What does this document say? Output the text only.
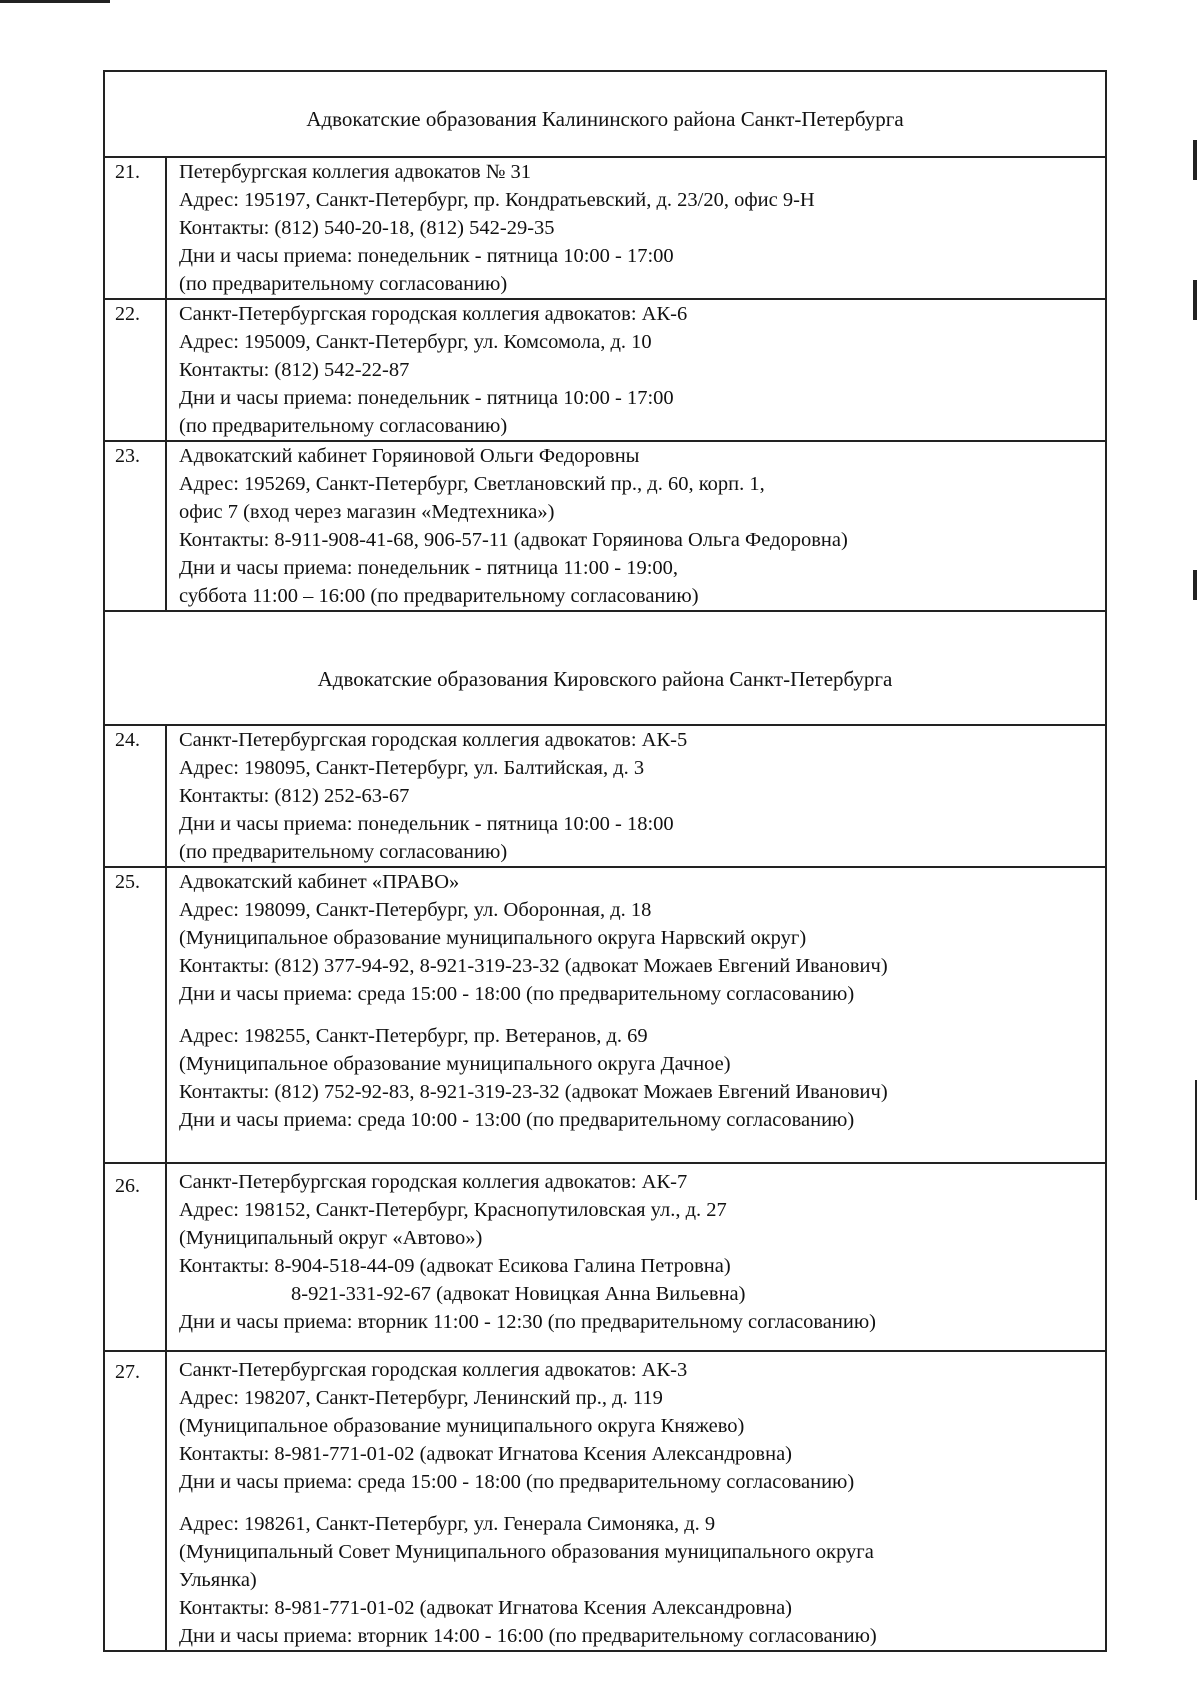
Адвокатские образования Калининского района Санкт-Петербурга
21.	Петербургская коллегия адвокатов № 31
Адрес: 195197, Санкт-Петербург, пр. Кондратьевский, д. 23/20, офис 9-Н
Контакты: (812) 540-20-18, (812) 542-29-35
Дни и часы приема: понедельник - пятница 10:00 - 17:00
(по предварительному согласованию)
22.	Санкт-Петербургская городская коллегия адвокатов: АК-6
Адрес: 195009, Санкт-Петербург, ул. Комсомола, д. 10
Контакты: (812) 542-22-87
Дни и часы приема: понедельник - пятница 10:00 - 17:00
(по предварительному согласованию)
23.	Адвокатский кабинет Горяиновой Ольги Федоровны
Адрес: 195269, Санкт-Петербург, Светлановский пр., д. 60, корп. 1,
офис 7 (вход через магазин «Медтехника»)
Контакты: 8-911-908-41-68, 906-57-11 (адвокат Горяинова Ольга Федоровна)
Дни и часы приема: понедельник - пятница 11:00 - 19:00,
суббота 11:00 – 16:00 (по предварительному согласованию)
Адвокатские образования Кировского района Санкт-Петербурга
24.	Санкт-Петербургская городская коллегия адвокатов: АК-5
Адрес: 198095, Санкт-Петербург, ул. Балтийская, д. 3
Контакты: (812) 252-63-67
Дни и часы приема: понедельник - пятница 10:00 - 18:00
(по предварительному согласованию)
25.	Адвокатский кабинет «ПРАВО»
Адрес: 198099, Санкт-Петербург, ул. Оборонная, д. 18
(Муниципальное образование муниципального округа Нарвский округ)
Контакты: (812) 377-94-92, 8-921-319-23-32 (адвокат Можаев Евгений Иванович)
Дни и часы приема: среда 15:00 - 18:00 (по предварительному согласованию)
Адрес: 198255, Санкт-Петербург, пр. Ветеранов, д. 69
(Муниципальное образование муниципального округа Дачное)
Контакты: (812) 752-92-83, 8-921-319-23-32 (адвокат Можаев Евгений Иванович)
Дни и часы приема: среда 10:00 - 13:00 (по предварительному согласованию)
26.	Санкт-Петербургская городская коллегия адвокатов: АК-7
Адрес: 198152, Санкт-Петербург, Краснопутиловская ул., д. 27
(Муниципальный округ «Автово»)
Контакты: 8-904-518-44-09 (адвокат Есикова Галина Петровна)
8-921-331-92-67 (адвокат Новицкая Анна Вильевна)
Дни и часы приема: вторник 11:00 - 12:30 (по предварительному согласованию)
27.	Санкт-Петербургская городская коллегия адвокатов: АК-3
Адрес: 198207, Санкт-Петербург, Ленинский пр., д. 119
(Муниципальное образование муниципального округа Княжево)
Контакты: 8-981-771-01-02 (адвокат Игнатова Ксения Александровна)
Дни и часы приема: среда 15:00 - 18:00 (по предварительному согласованию)
Адрес: 198261, Санкт-Петербург, ул. Генерала Симоняка, д. 9
(Муниципальный Совет Муниципального образования муниципального округа
Ульянка)
Контакты: 8-981-771-01-02 (адвокат Игнатова Ксения Александровна)
Дни и часы приема: вторник 14:00 - 16:00 (по предварительному согласованию)
